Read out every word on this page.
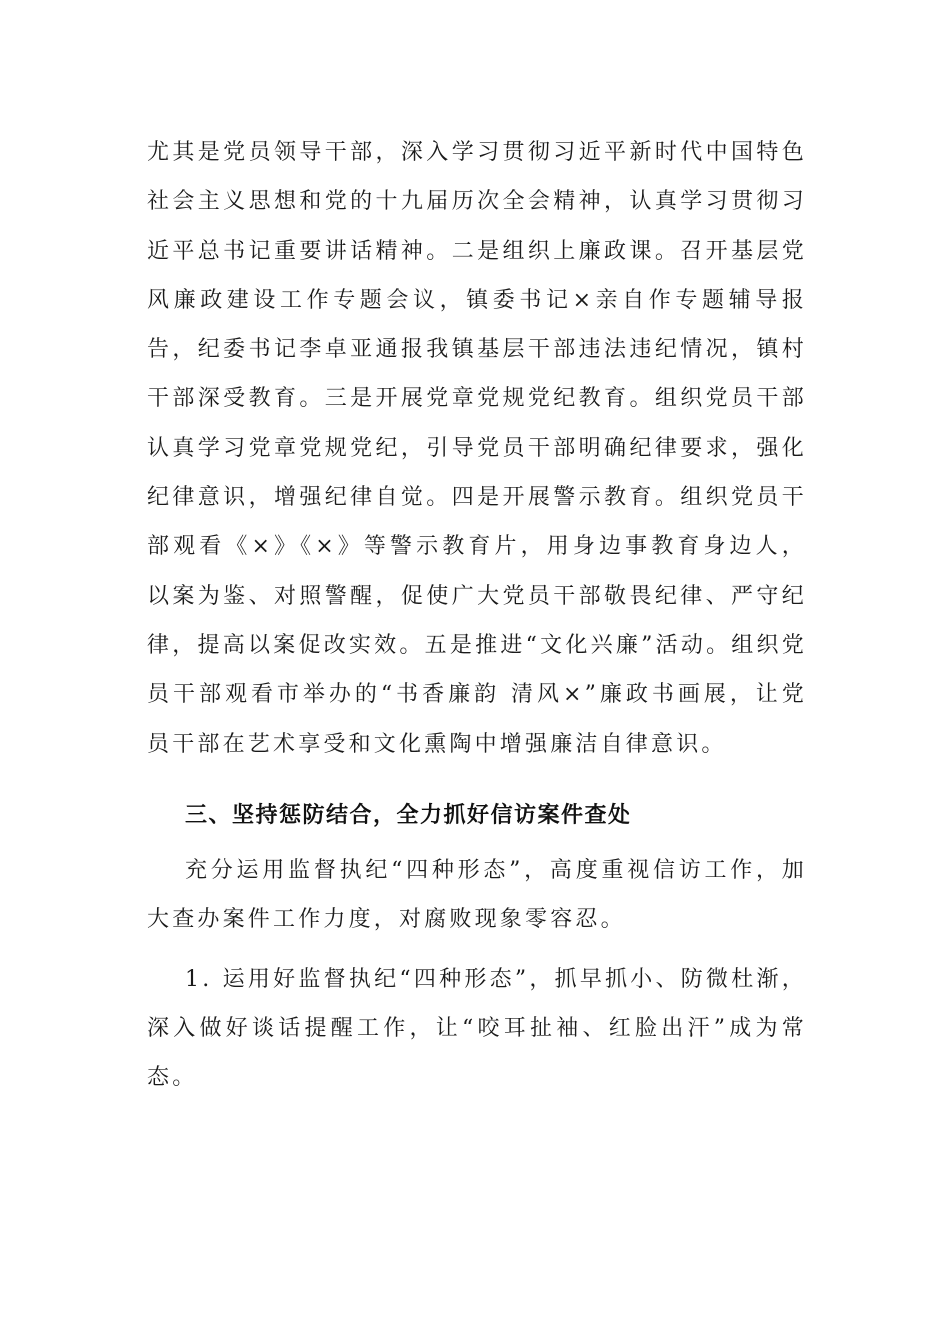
尤其是党员领导干部，深入学习贯彻习近平新时代中国特色社会主义思想和党的十九届历次全会精神，认真学习贯彻习近平总书记重要讲话精神。二是组织上廉政课。召开基层党风廉政建设工作专题会议，镇委书记×亲自作专题辅导报告，纪委书记李卓亚通报我镇基层干部违法违纪情况，镇村干部深受教育。三是开展党章党规党纪教育。组织党员干部认真学习党章党规党纪，引导党员干部明确纪律要求，强化纪律意识，增强纪律自觉。四是开展警示教育。组织党员干部观看《×》《×》等警示教育片，用身边事教育身边人，以案为鉴、对照警醒，促使广大党员干部敬畏纪律、严守纪律，提高以案促改实效。五是推进“文化兴廉”活动。组织党员干部观看市举办的“书香廉韵 清风×”廉政书画展，让党员干部在艺术享受和文化熏陶中增强廉洁自律意识。

三、坚持惩防结合，全力抓好信访案件查处

充分运用监督执纪“四种形态”，高度重视信访工作，加大查办案件工作力度，对腐败现象零容忍。

1. 运用好监督执纪“四种形态”，抓早抓小、防微杜渐，深入做好谈话提醒工作，让“咬耳扯袖、红脸出汗”成为常态。
